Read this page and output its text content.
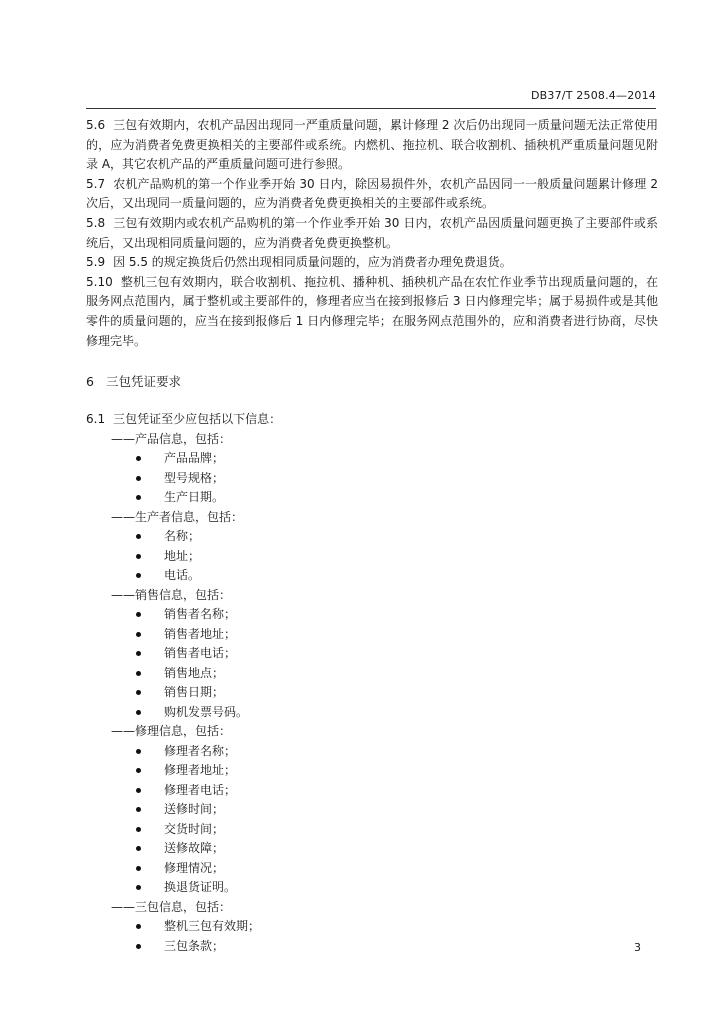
DB37/T 2508.4—2014

5.6 三包有效期内，农机产品因出现同一严重质量问题，累计修理 2 次后仍出现同一质量问题无法正常使用的，应为消费者免费更换相关的主要部件或系统。内燃机、拖拉机、联合收割机、插秧机严重质量问题见附录 A，其它农机产品的严重质量问题可进行参照。

5.7 农机产品购机的第一个作业季开始 30 日内，除因易损件外，农机产品因同一一般质量问题累计修理 2 次后，又出现同一质量问题的，应为消费者免费更换相关的主要部件或系统。

5.8 三包有效期内或农机产品购机的第一个作业季开始 30 日内，农机产品因质量问题更换了主要部件或系统后，又出现相同质量问题的，应为消费者免费更换整机。

5.9 因 5.5 的规定换货后仍然出现相同质量问题的，应为消费者办理免费退货。

5.10 整机三包有效期内，联合收割机、拖拉机、播种机、插秧机产品在农忙作业季节出现质量问题的，在服务网点范围内，属于整机或主要部件的，修理者应当在接到报修后 3 日内修理完毕；属于易损件或是其他零件的质量问题的，应当在接到报修后 1 日内修理完毕；在服务网点范围外的，应和消费者进行协商，尽快修理完毕。

6 三包凭证要求

6.1 三包凭证至少应包括以下信息：

——产品信息，包括：
产品品牌；
型号规格；
生产日期。
——生产者信息，包括：
名称；
地址；
电话。
——销售信息，包括：
销售者名称；
销售者地址；
销售者电话；
销售地点；
销售日期；
购机发票号码。
——修理信息，包括：
修理者名称；
修理者地址；
修理者电话；
送修时间；
交货时间；
送修故障；
修理情况；
换退货证明。
——三包信息，包括：
整机三包有效期；
三包条款；	3
